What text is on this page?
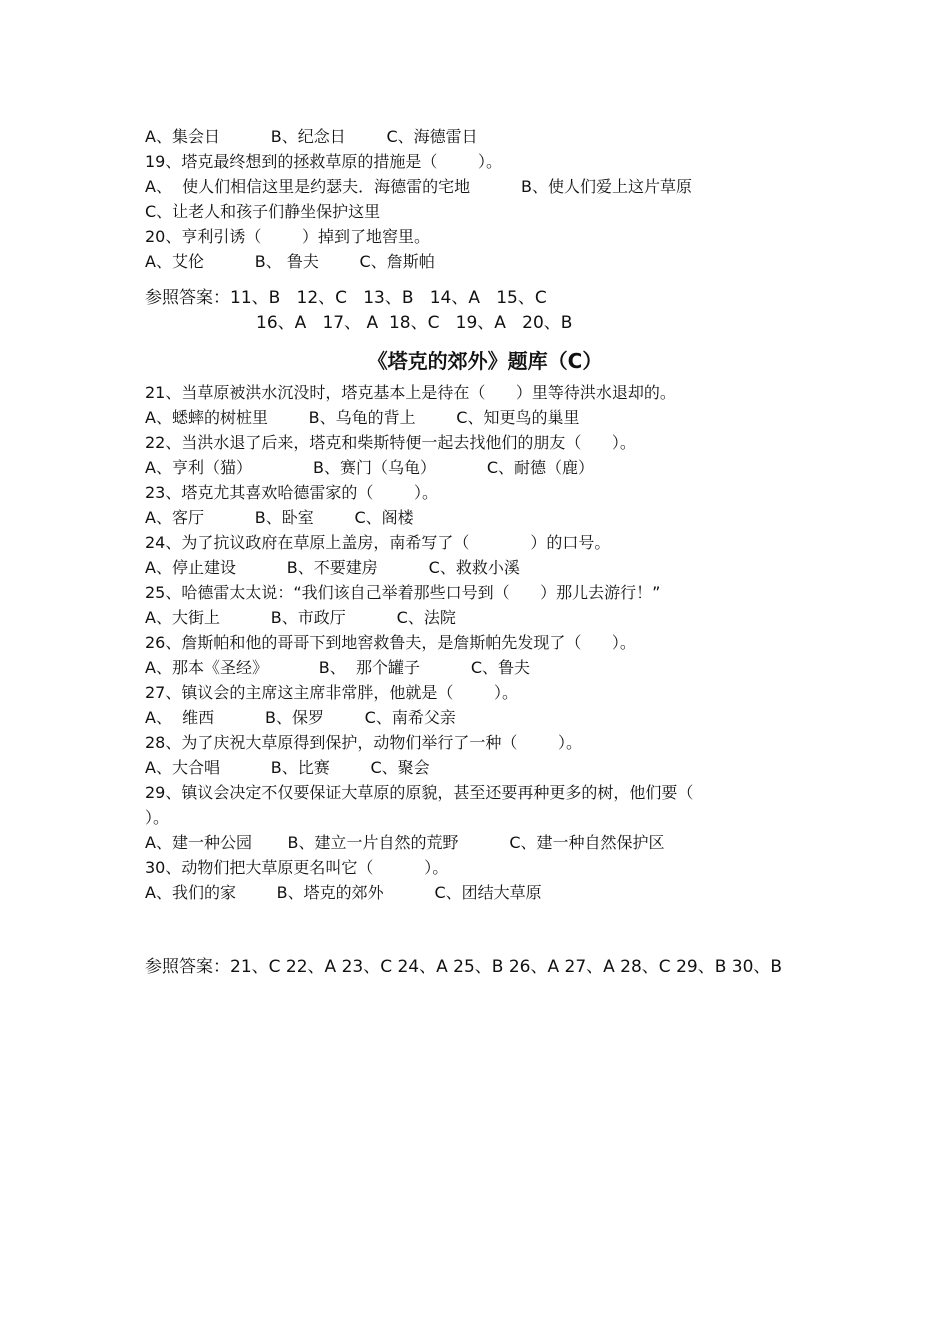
A、集会日          B、纪念日        C、海德雷日
19、塔克最终想到的拯救草原的措施是（        ）。
A、  使人们相信这里是约瑟夫．海德雷的宅地          B、使人们爱上这片草原
C、让老人和孩子们静坐保护这里
20、亨利引诱（        ）掉到了地窖里。
A、艾伦          B、 鲁夫        C、詹斯帕
参照答案：11、B   12、C   13、B   14、A   15、C
16、A   17、 A  18、C   19、A   20、B
《塔克的郊外》题库（C）
21、当草原被洪水沉没时，塔克基本上是待在（      ）里等待洪水退却的。
A、蟋蟀的树桩里        B、乌龟的背上        C、知更鸟的巢里
22、当洪水退了后来，塔克和柴斯特便一起去找他们的朋友（      ）。
A、亨利（猫）            B、赛门（乌龟）          C、耐德（鹿）
23、塔克尤其喜欢哈德雷家的（        ）。
A、客厅          B、卧室        C、阁楼
24、为了抗议政府在草原上盖房，南希写了（            ）的口号。
A、停止建设          B、不要建房          C、救救小溪
25、哈德雷太太说：“我们该自己举着那些口号到（      ）那儿去游行！”
A、大街上          B、市政厅          C、法院
26、詹斯帕和他的哥哥下到地窖救鲁夫，是詹斯帕先发现了（      ）。
A、那本《圣经》          B、  那个罐子          C、鲁夫
27、镇议会的主席这主席非常胖，他就是（        ）。
A、  维西          B、保罗        C、南希父亲
28、为了庆祝大草原得到保护，动物们举行了一种（        ）。
A、大合唱          B、比赛        C、聚会
29、镇议会决定不仅要保证大草原的原貌，甚至还要再种更多的树，他们要（
）。
A、建一种公园       B、建立一片自然的荒野          C、建一种自然保护区
30、动物们把大草原更名叫它（          ）。
A、我们的家        B、塔克的郊外          C、团结大草原
参照答案：21、C 22、A 23、C 24、A 25、B 26、A 27、A 28、C 29、B 30、B
